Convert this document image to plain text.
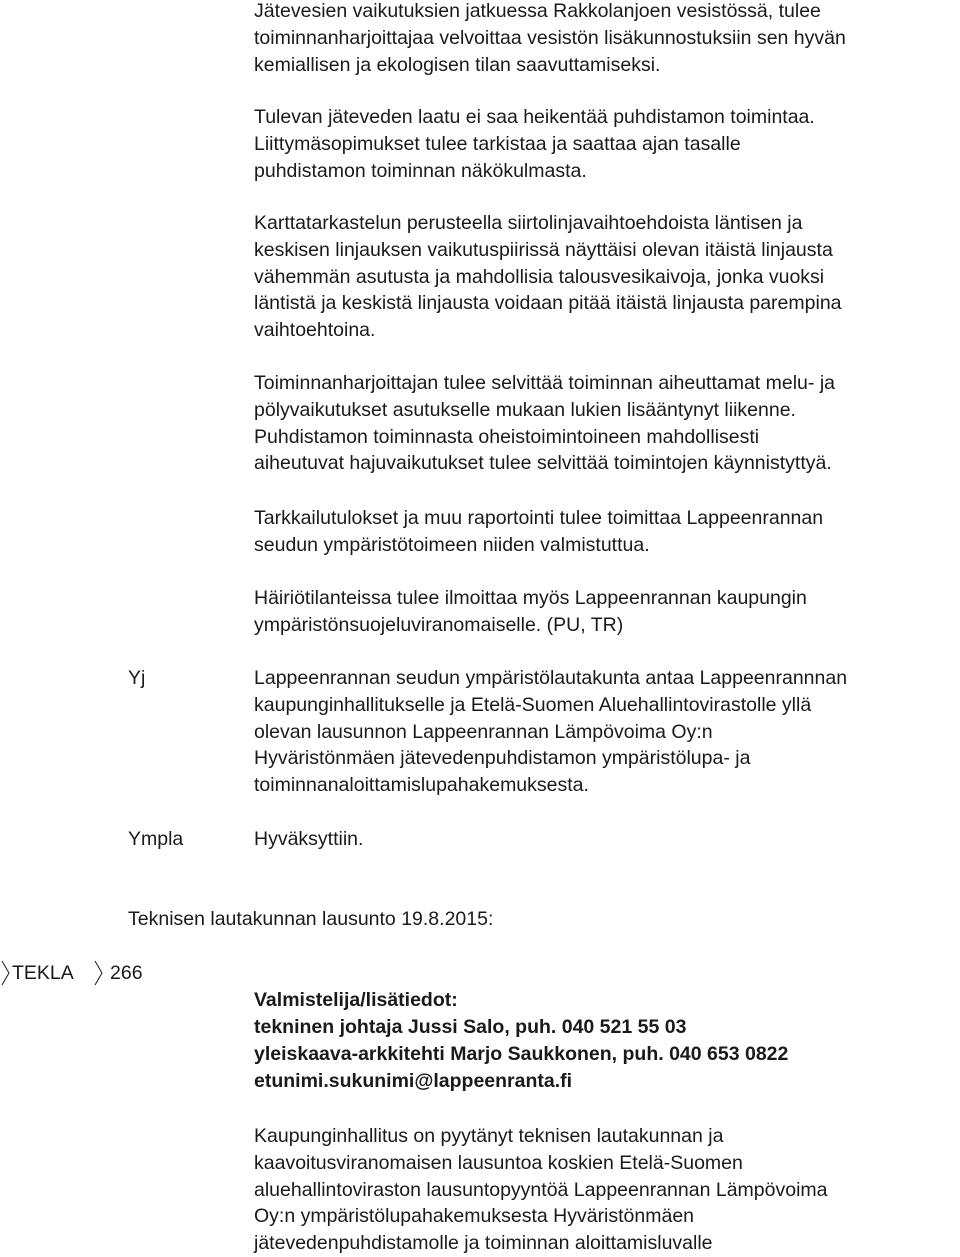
Jätevesien vaikutuksien jatkuessa Rakkolanjoen vesistössä, tulee
toiminnanharjoittajaa velvoittaa vesistön lisäkunnostuksiin sen hyvän
kemiallisen ja ekologisen tilan saavuttamiseksi.

Tulevan jäteveden laatu ei saa heikentää puhdistamon toimintaa.
Liittymäsopimukset tulee tarkistaa ja saattaa ajan tasalle
puhdistamon toiminnan näkökulmasta.

Karttatarkastelun perusteella siirtolinjavaihtoehdoista läntisen ja
keskisen linjauksen vaikutuspiirissä näyttäisi olevan itäistä linjausta
vähemmän asutusta ja mahdollisia talousvesikaivoja, jonka vuoksi
läntistä ja keskistä linjausta voidaan pitää itäistä linjausta parempina
vaihtoehtoina.

Toiminnanharjoittajan tulee selvittää toiminnan aiheuttamat melu- ja
pölyvaikutukset asutukselle mukaan lukien lisääntynyt liikenne.
Puhdistamon toiminnasta oheistoimintoineen mahdollisesti
aiheutuvat hajuvaikutukset tulee selvittää toimintojen käynnistyttyä.

Tarkkailutulokset ja muu raportointi tulee toimittaa Lappeenrannan
seudun ympäristötoimeen niiden valmistuttua.

Häiriötilanteissa tulee ilmoittaa myös Lappeenrannan kaupungin
ympäristönsuojeluviranomaiselle. (PU, TR)

Yj	Lappeenrannan seudun ympäristölautakunta antaa Lappeenrannnan
kaupunginhallitukselle ja Etelä-Suomen Aluehallintovirastolle yllä
olevan lausunnon Lappeenrannan Lämpövoima Oy:n
Hyväristönmäen jätevedenpuhdistamon ympäristölupa- ja
toiminnanaloittamislupahakemuksesta.

Ympla	Hyväksyttiin.

Teknisen lautakunnan lausunto 19.8.2015:

TEKLA 266

Valmistelija/lisätiedot:

tekninen johtaja Jussi Salo, puh. 040 521 55 03

yleiskaava-arkkitehti Marjo Saukkonen, puh. 040 653 0822

etunimi.sukunimi@lappeenranta.fi

Kaupunginhallitus on pyytänyt teknisen lautakunnan ja
kaavoitusviranomaisen lausuntoa koskien Etelä-Suomen
aluehallintoviraston lausuntopyyntöä Lappeenrannan Lämpövoima
Oy:n ympäristölupahakemuksesta Hyväristönmäen
jätevedenpuhdistamolle ja toiminnan aloittamisluvalle
